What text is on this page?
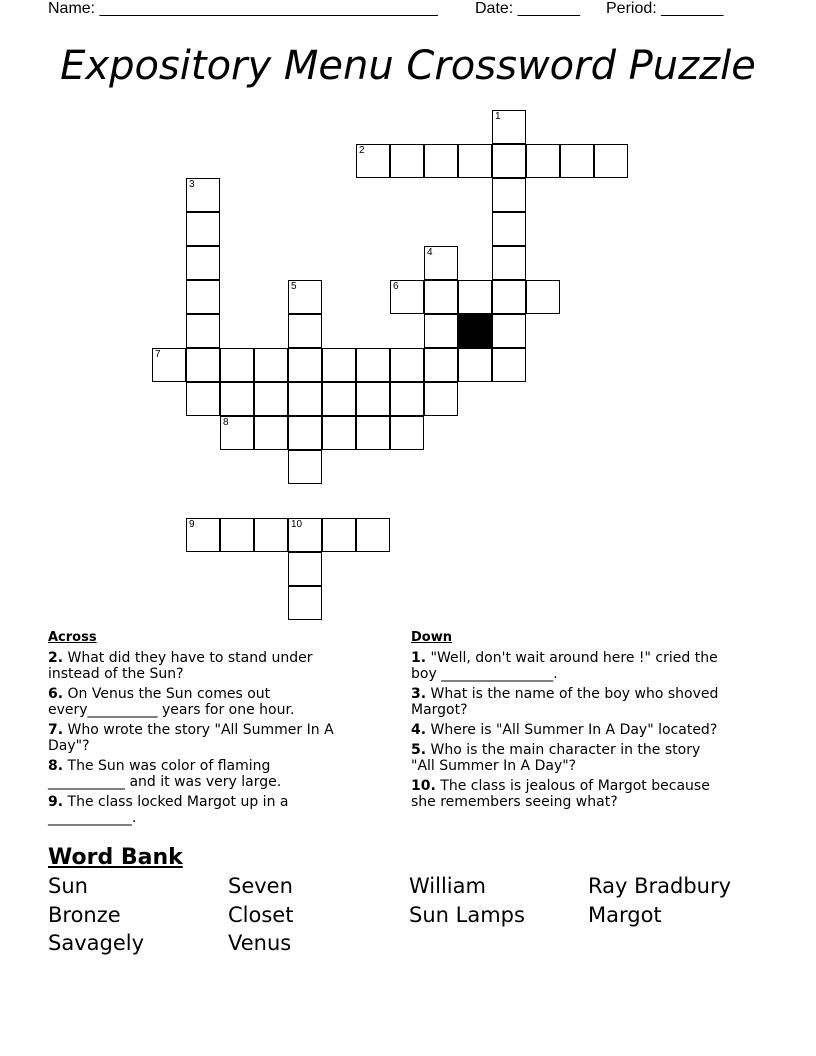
Name: ______________________________________ Date: _______ Period: _______
Expository Menu Crossword Puzzle
1
2
3
4
5	6
7
8
9	10
Across
2. What did they have to stand under
instead of the Sun?
6. On Venus the Sun comes out
every__________ years for one hour.
7. Who wrote the story "All Summer In A
Day"?
8. The Sun was color of flaming
___________ and it was very large.
9. The class locked Margot up in a
____________.
Down
1. "Well, don't wait around here !" cried the
boy ________________.
3. What is the name of the boy who shoved
Margot?
4. Where is "All Summer In A Day" located?
5. Who is the main character in the story
"All Summer In A Day"?
10. The class is jealous of Margot because
she remembers seeing what?
Word Bank
Sun	Seven	William	Ray Bradbury
Bronze	Closet	Sun Lamps	Margot
Savagely	Venus
